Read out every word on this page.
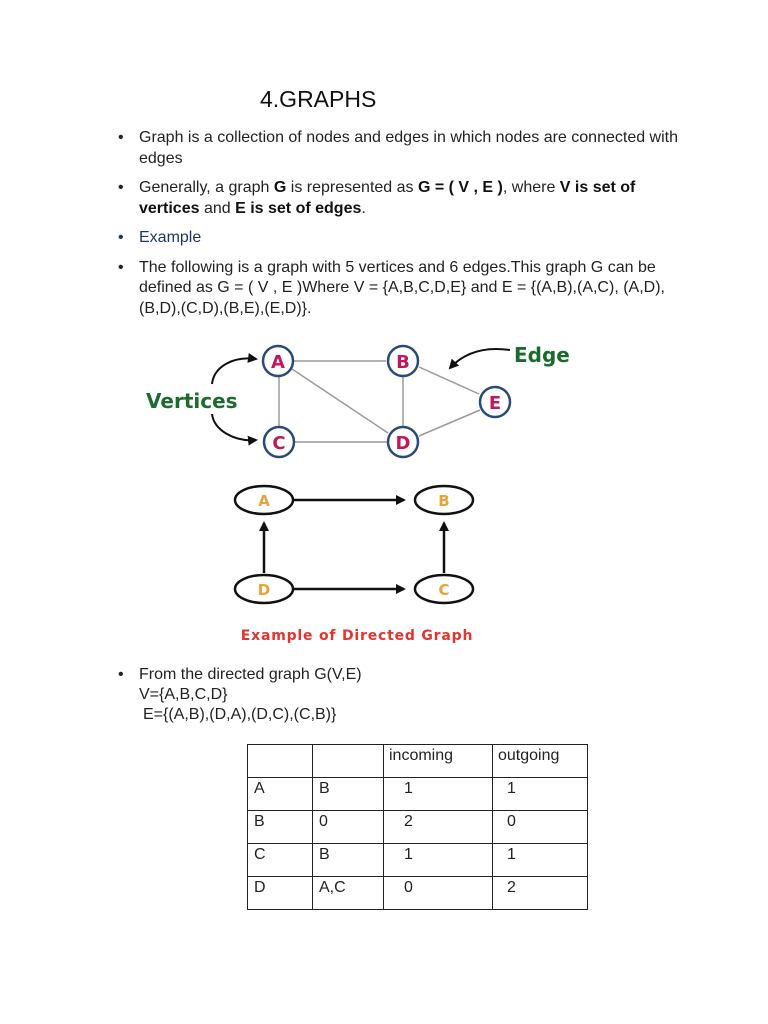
4.GRAPHS
• Graph is a collection of nodes and edges in which nodes are connected with edges
• Generally, a graph G is represented as G = ( V , E ), where V is set of vertices and E is set of edges.
• Example
• The following is a graph with 5 vertices and 6 edges.This graph G can be defined as G = ( V , E )Where V = {A,B,C,D,E} and E = {(A,B),(A,C), (A,D),(B,D),(C,D),(B,E),(E,D)}.
A	B
C	D
E
Vertices
Edge
A	B
D	C
Example of Directed Graph
• From the directed graph G(V,E)
V={A,B,C,D}
E={(A,B),(D,A),(D,C),(C,B)}
		incoming	outgoing
A	B	1	1
B	0	2	0
C	B	1	1
D	A,C	0	2
